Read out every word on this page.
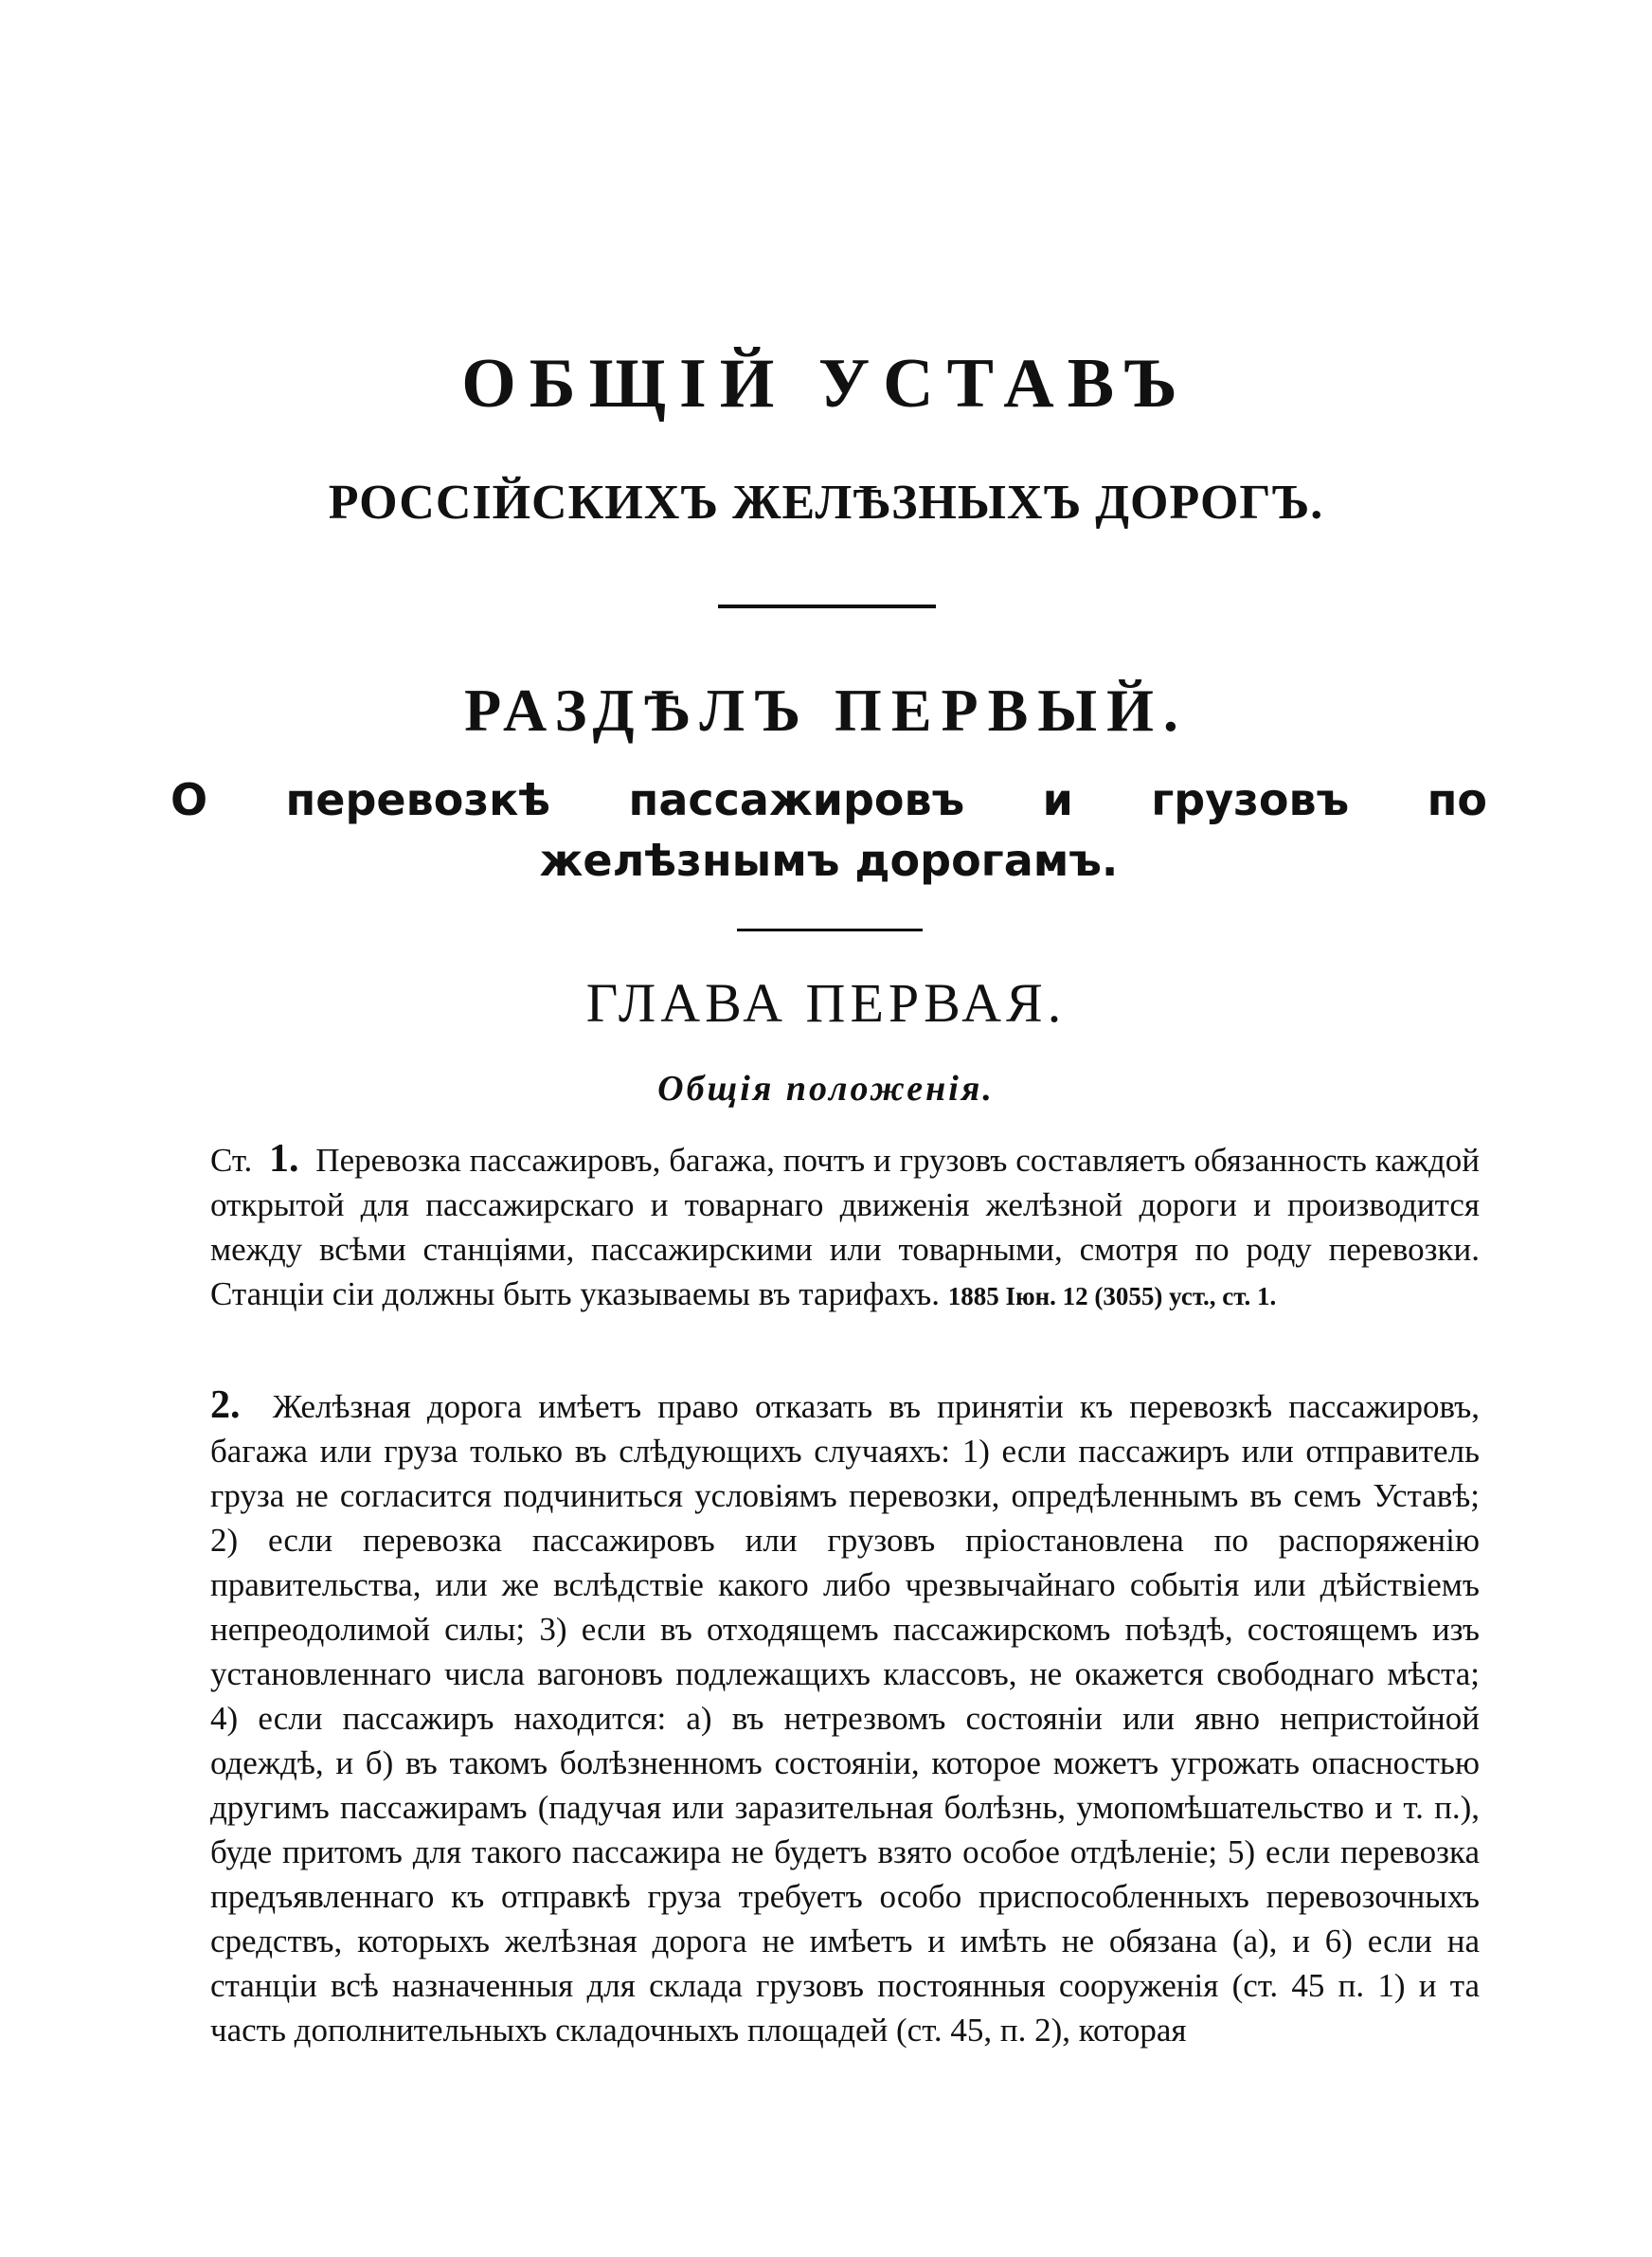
ОБЩІЙ УСТАВЪ
РОССІЙСКИХЪ ЖЕЛѢЗНЫХЪ ДОРОГЪ.
РАЗДѢЛЪ ПЕРВЫЙ.
О перевозкѣ пассажировъ и грузовъ по желѣзнымъ дорогамъ.
ГЛАВА ПЕРВАЯ.
Общія положенія.
Ст. 1. Перевозка пассажировъ, багажа, почтъ и грузовъ составляетъ обязанность каждой открытой для пассажирскаго и товарнаго движенія желѣзной дороги и производится между всѣми станціями, пассажирскими или товарными, смотря по роду перевозки. Станціи сіи должны быть указываемы въ тарифахъ. 1885 Іюн. 12 (3055) уст., ст. 1.
2. Желѣзная дорога имѣетъ право отказать въ принятіи къ перевозкѣ пассажировъ, багажа или груза только въ слѣдующихъ случаяхъ: 1) если пассажиръ или отправитель груза не согласится подчиниться условіямъ перевозки, опредѣленнымъ въ семъ Уставѣ; 2) если перевозка пассажировъ или грузовъ пріостановлена по распоряженію правительства, или же вслѣдствіе какого либо чрезвычайнаго событія или дѣйствіемъ непреодолимой силы; 3) если въ отходящемъ пассажирскомъ поѣздѣ, состоящемъ изъ установленнаго числа вагоновъ подлежащихъ классовъ, не окажется свободнаго мѣста; 4) если пассажиръ находится: а) въ нетрезвомъ состояніи или явно непристойной одеждѣ, и б) въ такомъ болѣзненномъ состояніи, которое можетъ угрожать опасностью другимъ пассажирамъ (падучая или заразительная болѣзнь, умопомѣшательство и т. п.), буде притомъ для такого пассажира не будетъ взято особое отдѣленіе; 5) если перевозка предъявленнаго къ отправкѣ груза требуетъ особо приспособленныхъ перевозочныхъ средствъ, которыхъ желѣзная дорога не имѣетъ и имѣть не обязана (а), и 6) если на станціи всѣ назначенныя для склада грузовъ постоянныя сооруженія (ст. 45 п. 1) и та часть дополнительныхъ складочныхъ площадей (ст. 45, п. 2), которая
